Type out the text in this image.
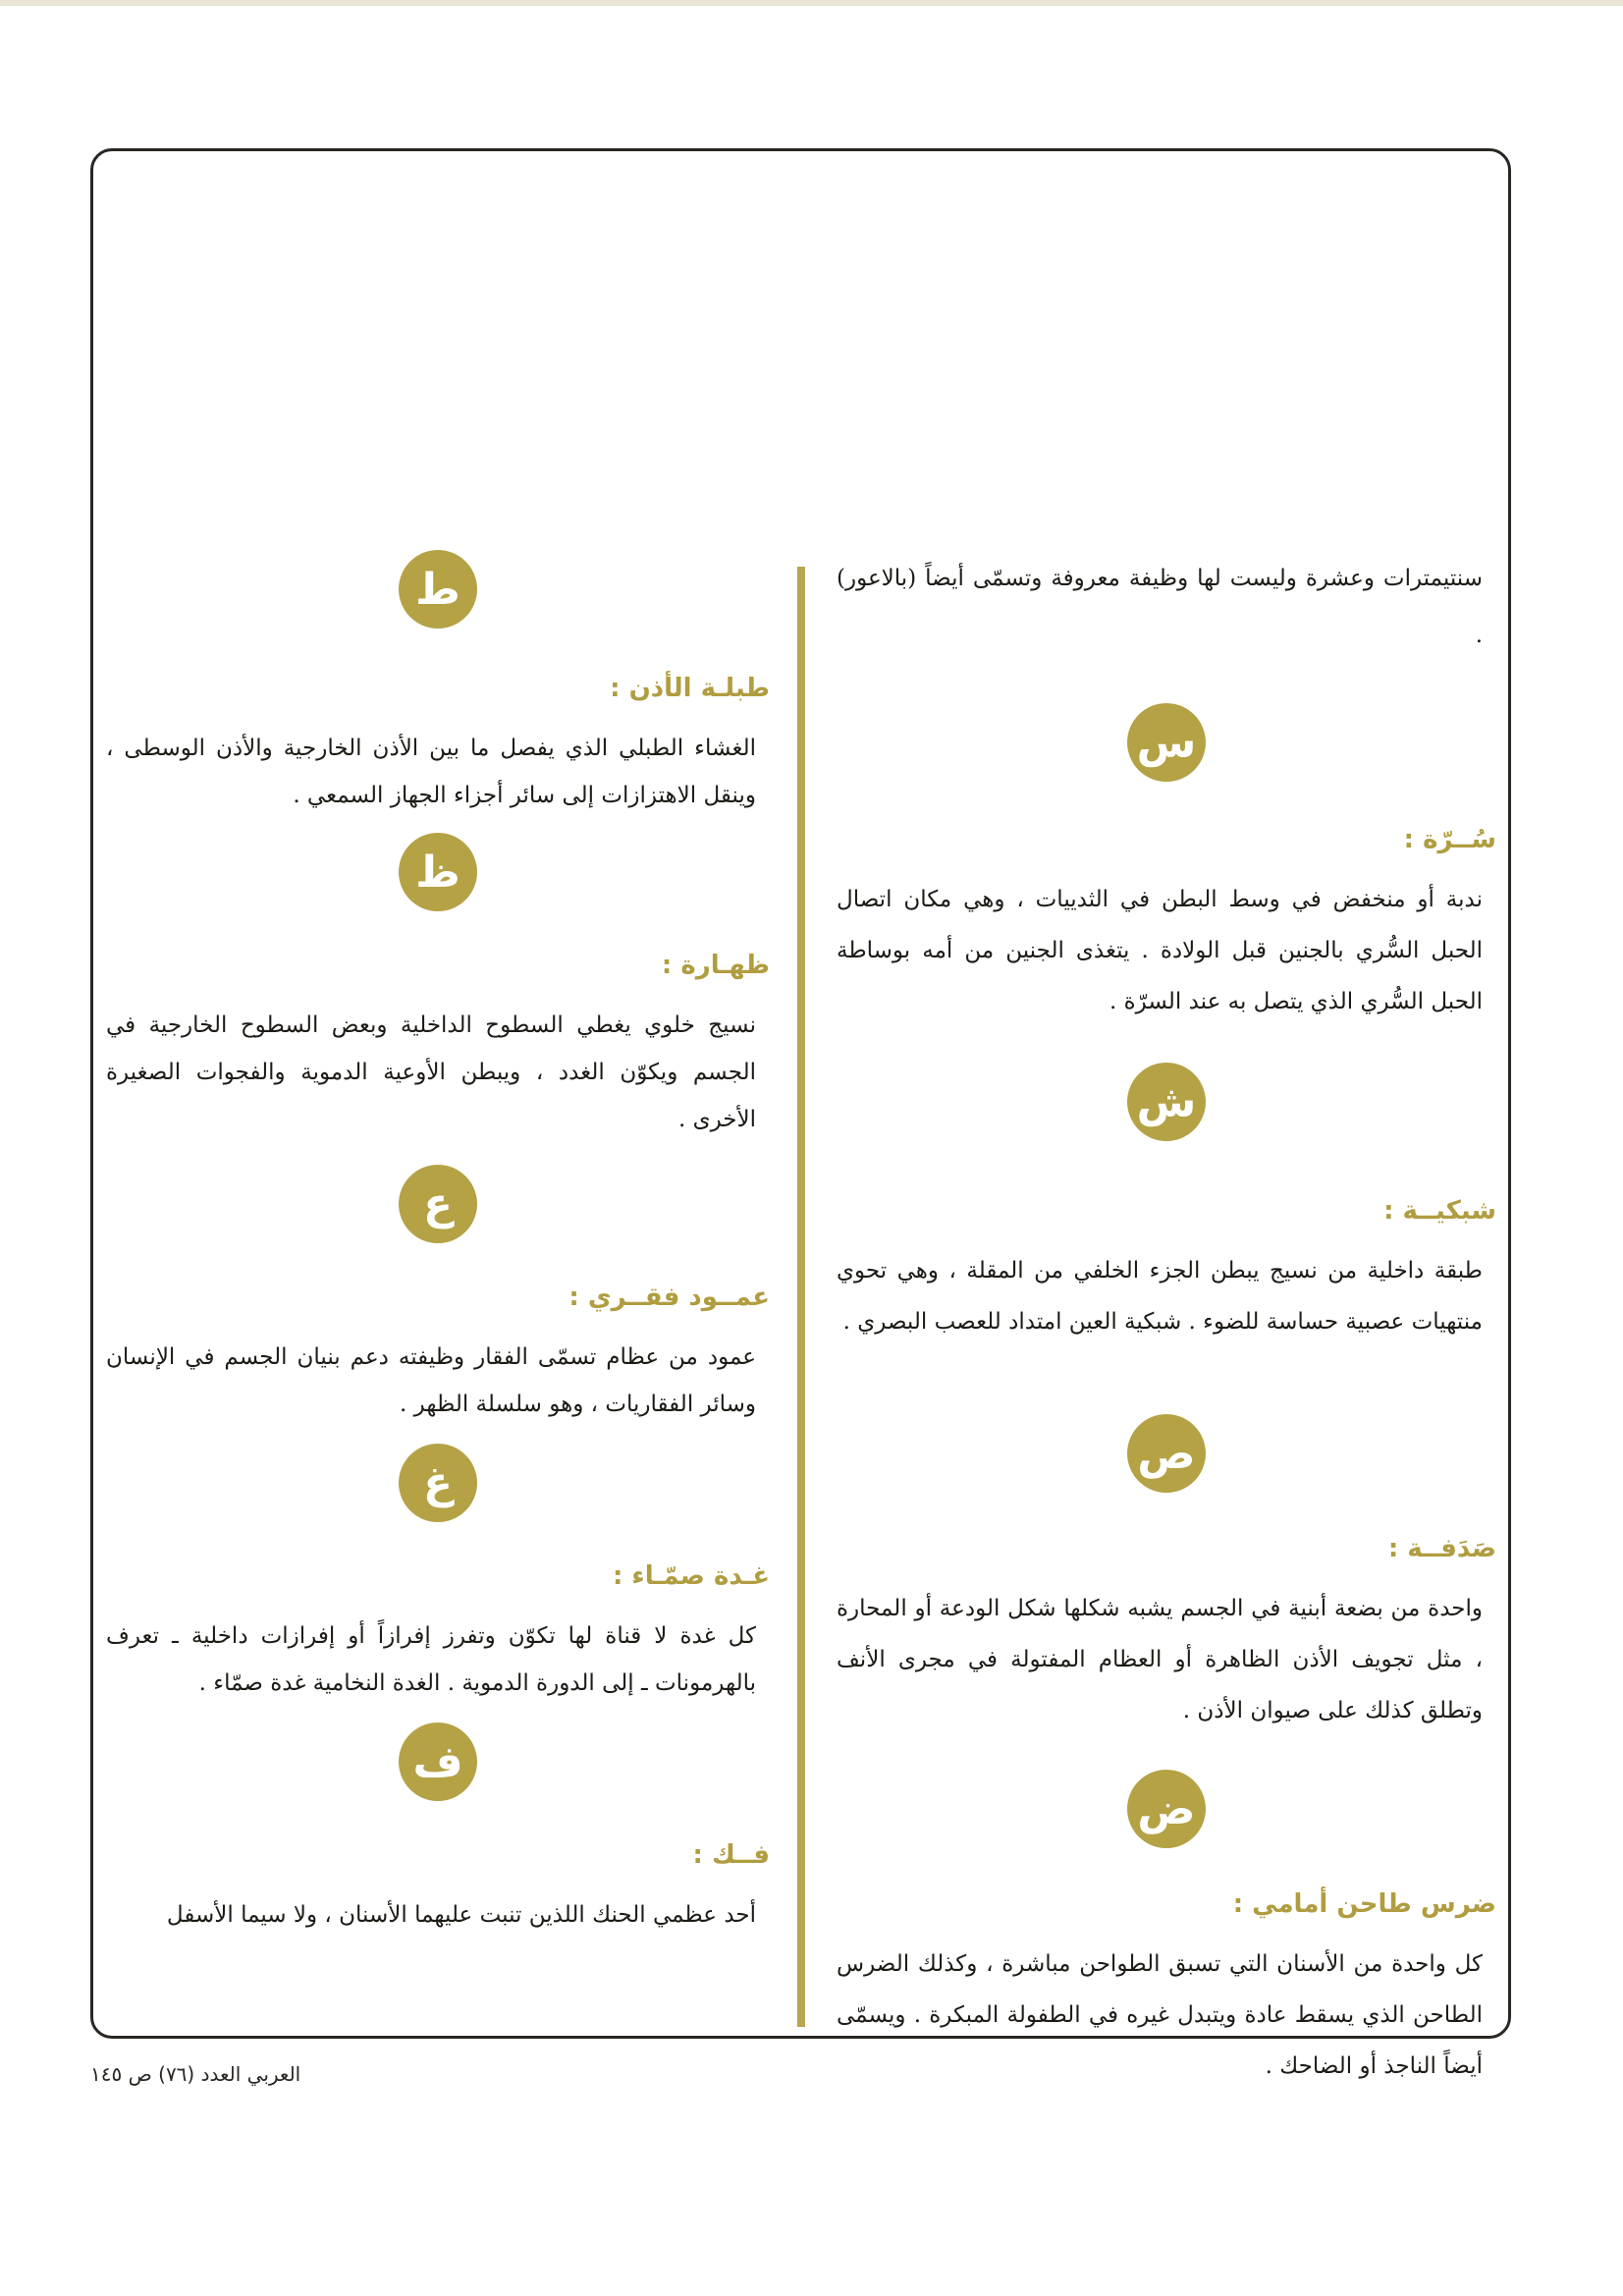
سنتيمترات وعشرة وليست لها وظيفة معروفة وتسمّى أيضاً (بالاعور) .

س

سُــرّة :

ندبة أو منخفض في وسط البطن في الثدييات ، وهي مكان اتصال الحبل السُّري بالجنين قبل الولادة . يتغذى الجنين من أمه بوساطة الحبل السُّري الذي يتصل به عند السرّة .

ش

شبكيــة :

طبقة داخلية من نسيج يبطن الجزء الخلفي من المقلة ، وهي تحوي منتهيات عصبية حساسة للضوء . شبكية العين امتداد للعصب البصري .

ص

صَدَفــة :

واحدة من بضعة أبنية في الجسم يشبه شكلها شكل الودعة أو المحارة ، مثل تجويف الأذن الظاهرة أو العظام المفتولة في مجرى الأنف وتطلق كذلك على صيوان الأذن .

ض

ضرس طاحن أمامي :

كل واحدة من الأسنان التي تسبق الطواحن مباشرة ، وكذلك الضرس الطاحن الذي يسقط عادة ويتبدل غيره في الطفولة المبكرة . ويسمّى أيضاً الناجذ أو الضاحك .

ط

طبلـة الأذن :

الغشاء الطبلي الذي يفصل ما بين الأذن الخارجية والأذن الوسطى ، وينقل الاهتزازات إلى سائر أجزاء الجهاز السمعي .

ظ

ظهـارة :

نسيج خلوي يغطي السطوح الداخلية وبعض السطوح الخارجية في الجسم ويكوّن الغدد ، ويبطن الأوعية الدموية والفجوات الصغيرة الأخرى .

ع

عمــود فقــري :

عمود من عظام تسمّى الفقار وظيفته دعم بنيان الجسم في الإنسان وسائر الفقاريات ، وهو سلسلة الظهر .

غ

غـدة صمّـاء :

كل غدة لا قناة لها تكوّن وتفرز إفرازاً أو إفرازات داخلية ـ تعرف بالهرمونات ـ إلى الدورة الدموية . الغدة النخامية غدة صمّاء .

ف

فــك :

أحد عظمي الحنك اللذين تنبت عليهما الأسنان ، ولا سيما الأسفل

العربي العدد (٧٦) ص ١٤٥
